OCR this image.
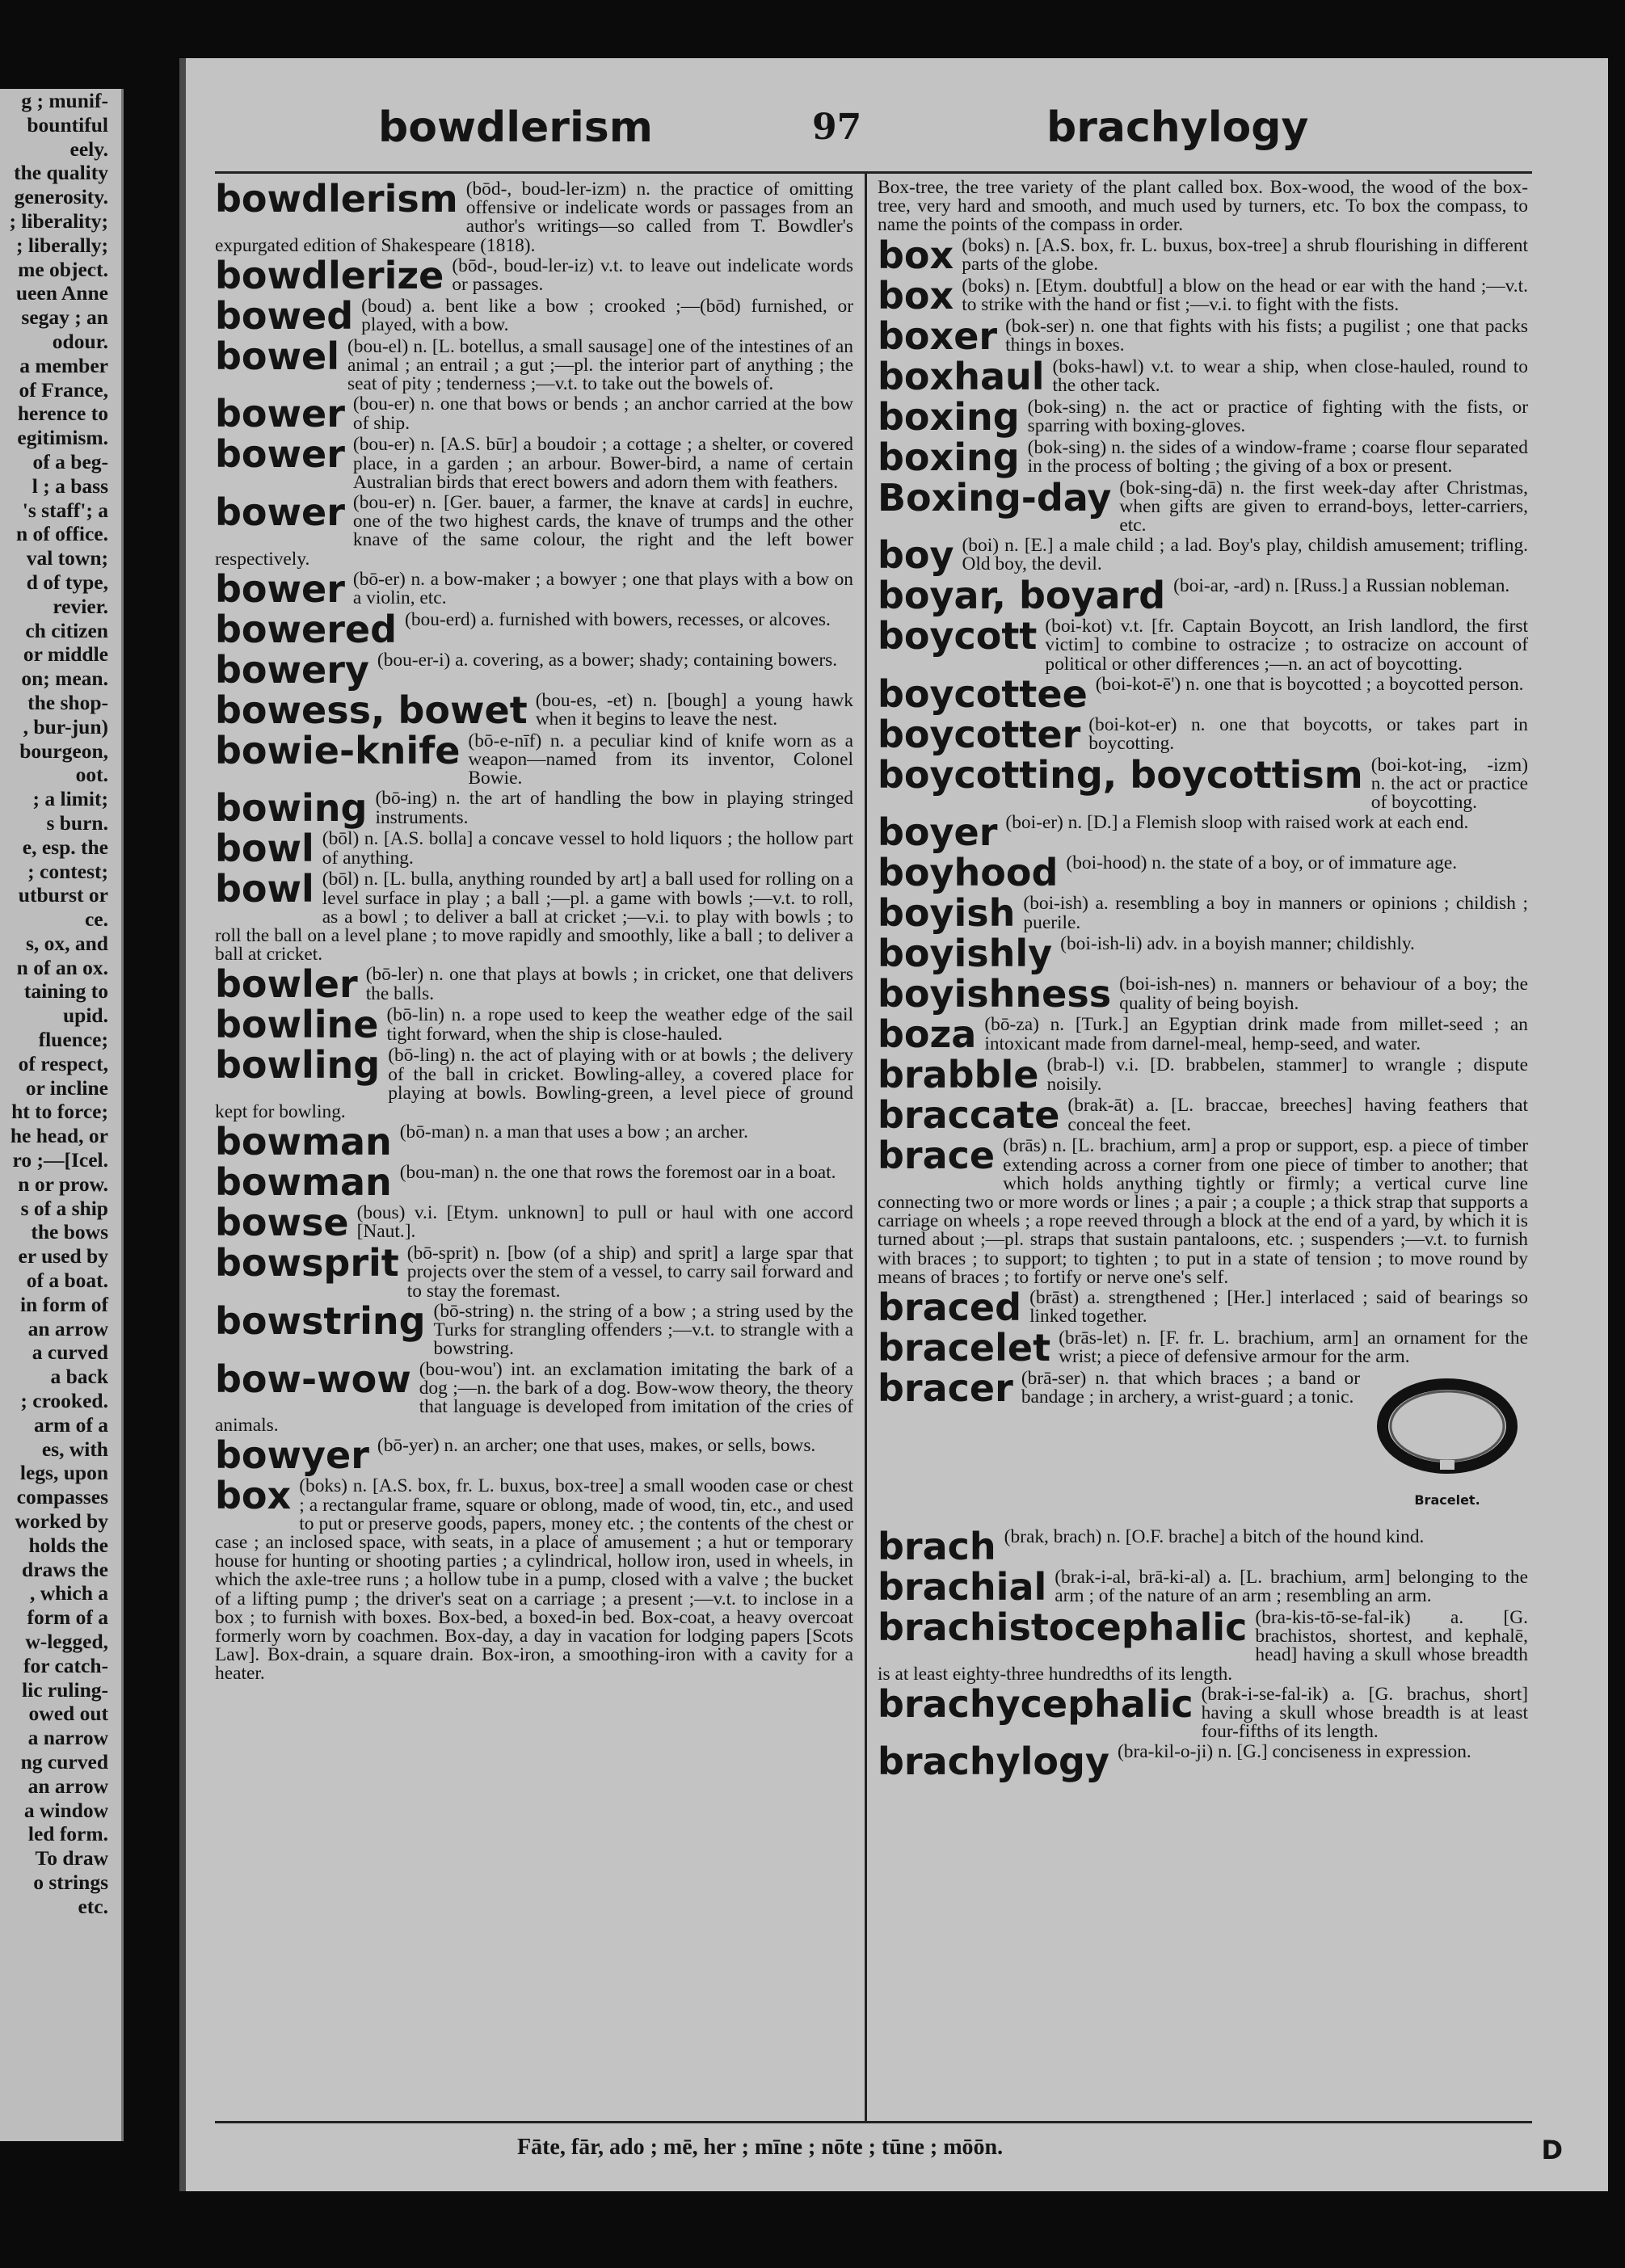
g ; munif-
bountiful
eely.
the quality
generosity.
; liberality;
; liberally;
me object.
ueen Anne
segay ; an
odour.
a member
of France,
herence to
egitimism.
of a beg-
l ; a bass
's staff'; a
n of office.
val town;
d of type,
revier.
ch citizen
or middle
on; mean.
the shop-
, bur-jun)
bourgeon,
oot.
; a limit;
s burn.
e, esp. the
; contest;
utburst or
ce.
s, ox, and
n of an ox.
taining to
upid.
fluence;
of respect,
or incline
ht to force;
he head, or
ro ;—[Icel.
n or prow.
s of a ship
the bows
er used by
of a boat.
in form of
an arrow
a curved
a back
; crooked.
arm of a
es, with
legs, upon
compasses
worked by
holds the
draws the
, which a
form of a
w-legged,
for catch-
lic ruling-
owed out
a narrow
ng curved
an arrow
a window
led form.
To draw
o strings
etc.
bowdlerism	97	brachylogy
bowdlerism (bōd-, boud-ler-izm) n. the practice of omitting offensive or indelicate words or passages from an author's writings—so called from T. Bowdler's expurgated edition of Shakespeare (1818).
bowdlerize (bōd-, boud-ler-iz) v.t. to leave out indelicate words or passages.
bowed (boud) a. bent like a bow ; crooked ;—(bōd) furnished, or played, with a bow.
bowel (bou-el) n. [L. botellus, a small sausage] one of the intestines of an animal ; an entrail ; a gut ;—pl. the interior part of anything ; the seat of pity ; tenderness ;—v.t. to take out the bowels of.
bower (bou-er) n. one that bows or bends ; an anchor carried at the bow of ship.
bower (bou-er) n. [A.S. būr] a boudoir ; a cottage ; a shelter, or covered place, in a garden ; an arbour. Bower-bird, a name of certain Australian birds that erect bowers and adorn them with feathers.
bower (bou-er) n. [Ger. bauer, a farmer, the knave at cards] in euchre, one of the two highest cards, the knave of trumps and the other knave of the same colour, the right and the left bower respectively.
bower (bō-er) n. a bow-maker ; a bowyer ; one that plays with a bow on a violin, etc.
bowered (bou-erd) a. furnished with bowers, recesses, or alcoves.
bowery (bou-er-i) a. covering, as a bower; shady; containing bowers.
bowess, bowet (bou-es, -et) n. [bough] a young hawk when it begins to leave the nest.
bowie-knife (bō-e-nīf) n. a peculiar kind of knife worn as a weapon—named from its inventor, Colonel Bowie.
bowing (bō-ing) n. the art of handling the bow in playing stringed instruments.
bowl (bōl) n. [A.S. bolla] a concave vessel to hold liquors ; the hollow part of anything.
bowl (bōl) n. [L. bulla, anything rounded by art] a ball used for rolling on a level surface in play ; a ball ;—pl. a game with bowls ;—v.t. to roll, as a bowl ; to deliver a ball at cricket ;—v.i. to play with bowls ; to roll the ball on a level plane ; to move rapidly and smoothly, like a ball ; to deliver a ball at cricket.
bowler (bō-ler) n. one that plays at bowls ; in cricket, one that delivers the balls.
bowline (bō-lin) n. a rope used to keep the weather edge of the sail tight forward, when the ship is close-hauled.
bowling (bō-ling) n. the act of playing with or at bowls ; the delivery of the ball in cricket. Bowling-alley, a covered place for playing at bowls. Bowling-green, a level piece of ground kept for bowling.
bowman (bō-man) n. a man that uses a bow ; an archer.
bowman (bou-man) n. the one that rows the foremost oar in a boat.
bowse (bous) v.i. [Etym. unknown] to pull or haul with one accord [Naut.].
bowsprit (bō-sprit) n. [bow (of a ship) and sprit] a large spar that projects over the stem of a vessel, to carry sail forward and to stay the foremast.
bowstring (bō-string) n. the string of a bow ; a string used by the Turks for strangling offenders ;—v.t. to strangle with a bowstring.
bow-wow (bou-wou') int. an exclamation imitating the bark of a dog ;—n. the bark of a dog. Bow-wow theory, the theory that language is developed from imitation of the cries of animals.
bowyer (bō-yer) n. an archer; one that uses, makes, or sells, bows.
box (boks) n. [A.S. box, fr. L. buxus, box-tree] a small wooden case or chest ; a rectangular frame, square or oblong, made of wood, tin, etc., and used to put or preserve goods, papers, money etc. ; the contents of the chest or case ; an inclosed space, with seats, in a place of amusement ; a hut or temporary house for hunting or shooting parties ; a cylindrical, hollow iron, used in wheels, in which the axle-tree runs ; a hollow tube in a pump, closed with a valve ; the bucket of a lifting pump ; the driver's seat on a carriage ; a present ;—v.t. to inclose in a box ; to furnish with boxes. Box-bed, a boxed-in bed. Box-coat, a heavy overcoat formerly worn by coachmen. Box-day, a day in vacation for lodging papers [Scots Law]. Box-drain, a square drain. Box-iron, a smoothing-iron with a cavity for a heater.
Box-tree, the tree variety of the plant called box. Box-wood, the wood of the box-tree, very hard and smooth, and much used by turners, etc. To box the compass, to name the points of the compass in order.
box (boks) n. [A.S. box, fr. L. buxus, box-tree] a shrub flourishing in different parts of the globe.
box (boks) n. [Etym. doubtful] a blow on the head or ear with the hand ;—v.t. to strike with the hand or fist ;—v.i. to fight with the fists.
boxer (bok-ser) n. one that fights with his fists; a pugilist ; one that packs things in boxes.
boxhaul (boks-hawl) v.t. to wear a ship, when close-hauled, round to the other tack.
boxing (bok-sing) n. the act or practice of fighting with the fists, or sparring with boxing-gloves.
boxing (bok-sing) n. the sides of a window-frame ; coarse flour separated in the process of bolting ; the giving of a box or present.
Boxing-day (bok-sing-dā) n. the first week-day after Christmas, when gifts are given to errand-boys, letter-carriers, etc.
boy (boi) n. [E.] a male child ; a lad. Boy's play, childish amusement; trifling. Old boy, the devil.
boyar, boyard (boi-ar, -ard) n. [Russ.] a Russian nobleman.
boycott (boi-kot) v.t. [fr. Captain Boycott, an Irish landlord, the first victim] to combine to ostracize ; to ostracize on account of political or other differences ;—n. an act of boycotting.
boycottee (boi-kot-ē') n. one that is boycotted ; a boycotted person.
boycotter (boi-kot-er) n. one that boycotts, or takes part in boycotting.
boycotting, boycottism (boi-kot-ing, -izm) n. the act or practice of boycotting.
boyer (boi-er) n. [D.] a Flemish sloop with raised work at each end.
boyhood (boi-hood) n. the state of a boy, or of immature age.
boyish (boi-ish) a. resembling a boy in manners or opinions ; childish ; puerile.
boyishly (boi-ish-li) adv. in a boyish manner; childishly.
boyishness (boi-ish-nes) n. manners or behaviour of a boy; the quality of being boyish.
boza (bō-za) n. [Turk.] an Egyptian drink made from millet-seed ; an intoxicant made from darnel-meal, hemp-seed, and water.
brabble (brab-l) v.i. [D. brabbelen, stammer] to wrangle ; dispute noisily.
braccate (brak-āt) a. [L. braccae, breeches] having feathers that conceal the feet.
brace (brās) n. [L. brachium, arm] a prop or support, esp. a piece of timber extending across a corner from one piece of timber to another; that which holds anything tightly or firmly; a vertical curve line connecting two or more words or lines ; a pair ; a couple ; a thick strap that supports a carriage on wheels ; a rope reeved through a block at the end of a yard, by which it is turned about ;—pl. straps that sustain pantaloons, etc. ; suspenders ;—v.t. to furnish with braces ; to support; to tighten ; to put in a state of tension ; to move round by means of braces ; to fortify or nerve one's self.
braced (brāst) a. strengthened ; [Her.] interlaced ; said of bearings so linked together.
bracelet (brās-let) n. [F. fr. L. brachium, arm] an ornament for the wrist; a piece of defensive armour for the arm.
Bracelet.
bracer (brā-ser) n. that which braces ; a band or bandage ; in archery, a wrist-guard ; a tonic.
brach (brak, brach) n. [O.F. brache] a bitch of the hound kind.
brachial (brak-i-al, brā-ki-al) a. [L. brachium, arm] belonging to the arm ; of the nature of an arm ; resembling an arm.
brachistocephalic (bra-kis-tō-se-fal-ik) a. [G. brachistos, shortest, and kephalē, head] having a skull whose breadth is at least eighty-three hundredths of its length.
brachycephalic (brak-i-se-fal-ik) a. [G. brachus, short] having a skull whose breadth is at least four-fifths of its length.
brachylogy (bra-kil-o-ji) n. [G.] conciseness in expression.
Fāte, fār, ado ; mē, her ; mīne ; nōte ; tūne ; mōōn.	D
